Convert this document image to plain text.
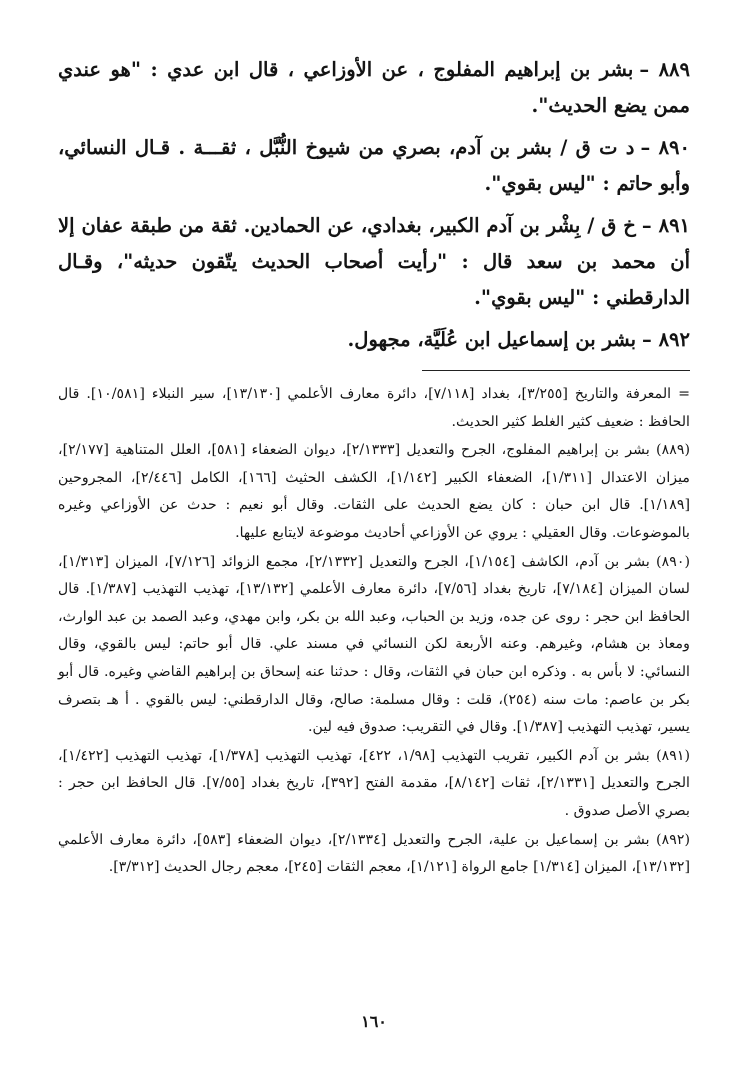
٨٨٩ –بشر بن إبراهيم المفلوج ، عن الأوزاعي ، قال ابن عدي : "هو عندي ممن يضع الحديث".

٨٩٠ –د ت ق / بشر بن آدم، بصري من شيوخ النُّبَّل ، ثقـــة . قـال النسائي، وأبو حاتم : "ليس بقوي".

٨٩١ –خ ق / بِشْر بن آدم الكبير، بغدادي، عن الحمادين. ثقة من طبقة عفان إلا أن محمد بن سعد قال : "رأيت أصحاب الحديث يتّقون حديثه"، وقـال الدارقطني : "ليس بقوي".

٨٩٢ –بشر بن إسماعيل ابن عُلَيَّة، مجهول.

= المعرفة والتاريخ [٣/٢٥٥]، بغداد [٧/١١٨]، دائرة معارف الأعلمي [١٣/١٣٠]، سير النبلاء [١٠/٥٨١]. قال الحافظ : ضعيف كثير الغلط كثير الحديث.

(٨٨٩) بشر بن إبراهيم المفلوج، الجرح والتعديل [٢/١٣٣٣]، ديوان الضعفاء [٥٨١]، العلل المتناهية [٢/١٧٧]، ميزان الاعتدال [١/٣١١]، الضعفاء الكبير [١/١٤٢]، الكشف الحثيث [١٦٦]، الكامل [٢/٤٤٦]، المجروحين [١/١٨٩]. قال ابن حبان : كان يضع الحديث على الثقات. وقال أبو نعيم : حدث عن الأوزاعي وغيره بالموضوعات. وقال العقيلي : يروي عن الأوزاعي أحاديث موضوعة لايتابع عليها.

(٨٩٠) بشر بن آدم، الكاشف [١/١٥٤]، الجرح والتعديل [٢/١٣٣٢]، مجمع الزوائد [٧/١٢٦]، الميزان [١/٣١٣]، لسان الميزان [٧/١٨٤]، تاريخ بغداد [٧/٥٦]، دائرة معارف الأعلمي [١٣/١٣٢]، تهذيب التهذيب [١/٣٨٧]. قال الحافظ ابن حجر : روى عن جده، وزيد بن الحباب، وعبد الله بن بكر، وابن مهدي، وعبد الصمد بن عبد الوارث، ومعاذ بن هشام، وغيرهم. وعنه الأربعة لكن النسائي في مسند علي. قال أبو حاتم: ليس بالقوي، وقال النسائي: لا بأس به . وذكره ابن حبان في الثقات، وقال : حدثنا عنه إسحاق بن إبراهيم القاضي وغيره. قال أبو بكر بن عاصم: مات سنه (٢٥٤)، قلت : وقال مسلمة: صالح، وقال الدارقطني: ليس بالقوي . أ هـ بتصرف يسير، تهذيب التهذيب [١/٣٨٧]. وقال في التقريب: صدوق فيه لين.

(٨٩١) بشر بن آدم الكبير، تقريب التهذيب [١/٩٨، ٤٢٢]، تهذيب التهذيب [١/٣٧٨]، تهذيب التهذيب [١/٤٢٢]، الجرح والتعديل [٢/١٣٣١]، ثقات [٨/١٤٢]، مقدمة الفتح [٣٩٢]، تاريخ بغداد [٧/٥٥]. قال الحافظ ابن حجر : بصري الأصل صدوق .

(٨٩٢) بشر بن إسماعيل بن علية، الجرح والتعديل [٢/١٣٣٤]، ديوان الضعفاء [٥٨٣]، دائرة معارف الأعلمي [١٣/١٣٢]، الميزان [١/٣١٤] جامع الرواة [١/١٢١]، معجم الثقات [٢٤٥]، معجم رجال الحديث [٣/٣١٢].

١٦٠
